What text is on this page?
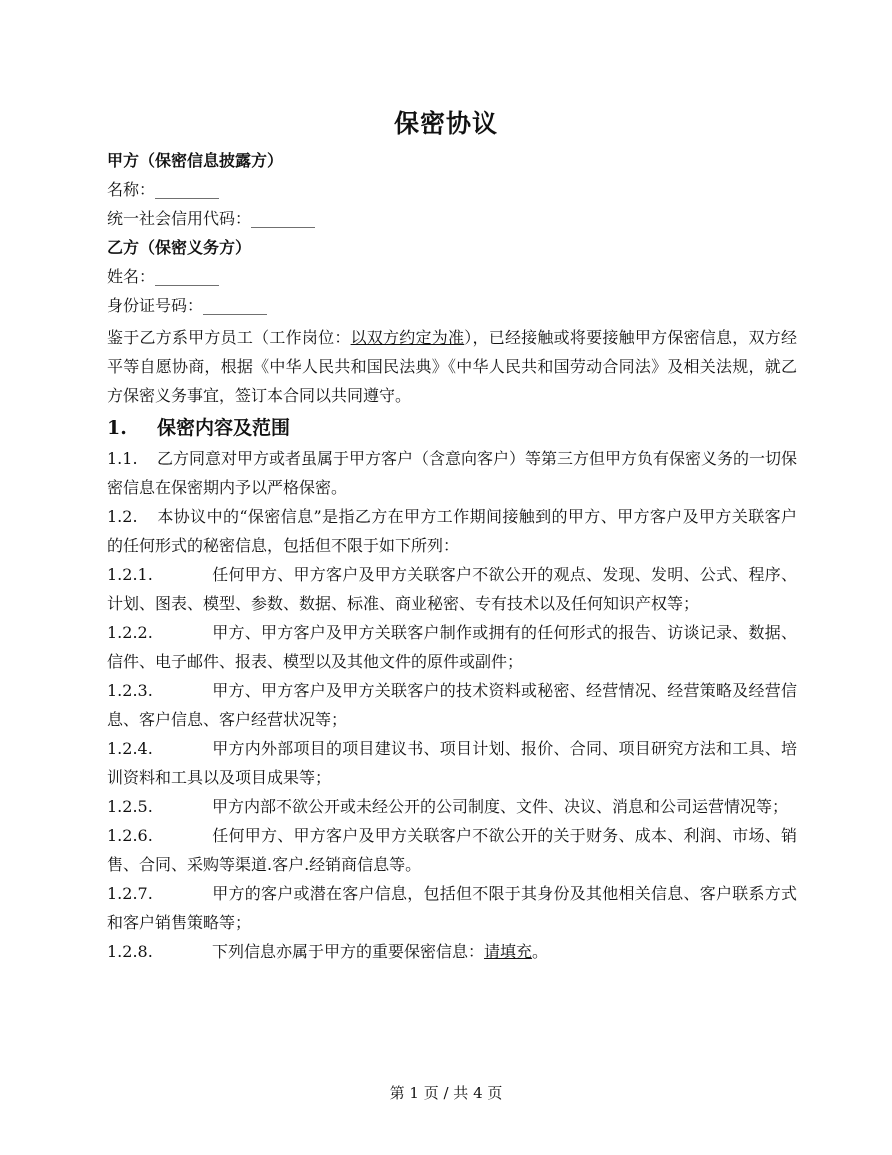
保密协议
甲方（保密信息披露方）
名称：________
统一社会信用代码：________
乙方（保密义务方）
姓名：________
身份证号码：________

鉴于乙方系甲方员工（工作岗位：以双方约定为准），已经接触或将要接触甲方保密信息，双方经平等自愿协商，根据《中华人民共和国民法典》《中华人民共和国劳动合同法》及相关法规，就乙方保密义务事宜，签订本合同以共同遵守。

1. 保密内容及范围

1.1. 乙方同意对甲方或者虽属于甲方客户（含意向客户）等第三方但甲方负有保密义务的一切保密信息在保密期内予以严格保密。

1.2. 本协议中的“保密信息”是指乙方在甲方工作期间接触到的甲方、甲方客户及甲方关联客户的任何形式的秘密信息，包括但不限于如下所列：

1.2.1.	任何甲方、甲方客户及甲方关联客户不欲公开的观点、发现、发明、公式、程序、计划、图表、模型、参数、数据、标准、商业秘密、专有技术以及任何知识产权等；

1.2.2.	甲方、甲方客户及甲方关联客户制作或拥有的任何形式的报告、访谈记录、数据、信件、电子邮件、报表、模型以及其他文件的原件或副件；

1.2.3.	甲方、甲方客户及甲方关联客户的技术资料或秘密、经营情况、经营策略及经营信息、客户信息、客户经营状况等；

1.2.4.	甲方内外部项目的项目建议书、项目计划、报价、合同、项目研究方法和工具、培训资料和工具以及项目成果等；

1.2.5.	甲方内部不欲公开或未经公开的公司制度、文件、决议、消息和公司运营情况等；

1.2.6.	任何甲方、甲方客户及甲方关联客户不欲公开的关于财务、成本、利润、市场、销售、合同、采购等渠道.客户.经销商信息等。

1.2.7.	甲方的客户或潜在客户信息，包括但不限于其身份及其他相关信息、客户联系方式和客户销售策略等；

1.2.8.	下列信息亦属于甲方的重要保密信息：请填充。

第 1 页 / 共 4 页
